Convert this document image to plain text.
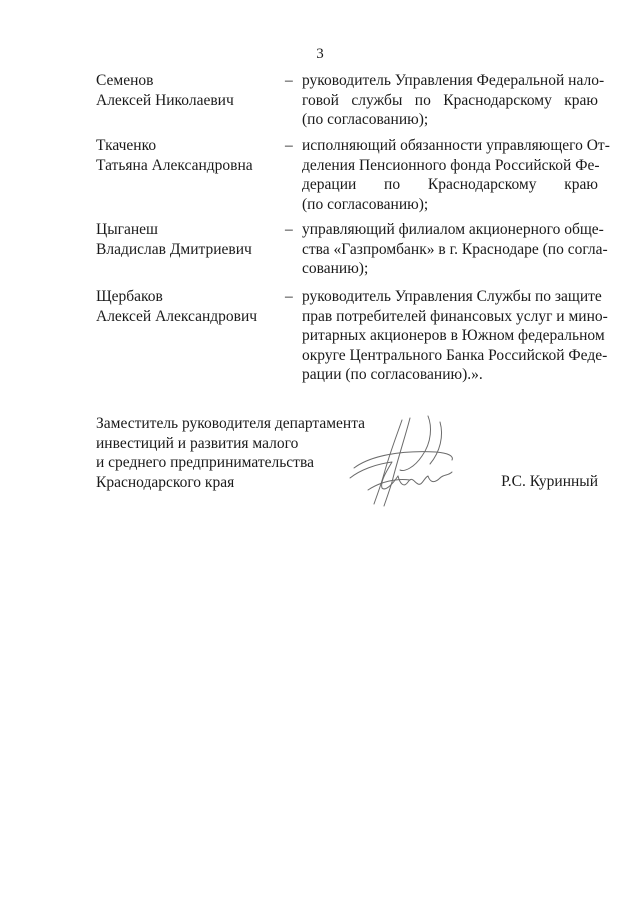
3
Семенов
Алексей Николаевич
– руководитель Управления Федеральной нало-
говой службы по Краснодарскому краю
(по согласованию);
Ткаченко
Татьяна Александровна
– исполняющий обязанности управляющего От-
деления Пенсионного фонда Российской Фе-
дерации по Краснодарскому краю
(по согласованию);
Цыганеш
Владислав Дмитриевич
– управляющий филиалом акционерного обще-
ства «Газпромбанк» в г. Краснодаре (по согла-
сованию);
Щербаков
Алексей Александрович
– руководитель Управления Службы по защите
прав потребителей финансовых услуг и мино-
ритарных акционеров в Южном федеральном
округе Центрального Банка Российской Феде-
рации (по согласованию).».
Заместитель руководителя департамента
инвестиций и развития малого
и среднего предпринимательства
Краснодарского края	Р.С. Куринный
